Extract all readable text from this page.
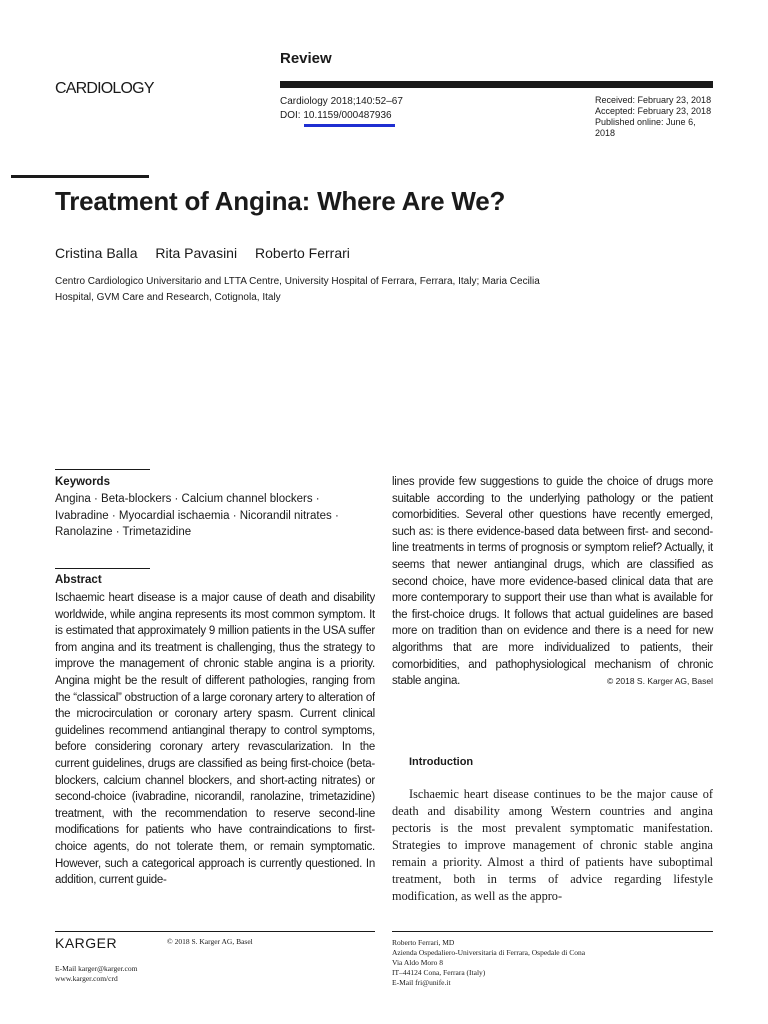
Review
CARDIOLOGY
Cardiology 2018;140:52–67
DOI: 10.1159/000487936
Received: February 23, 2018
Accepted: February 23, 2018
Published online: June 6, 2018
Treatment of Angina: Where Are We?
Cristina Balla Rita Pavasini Roberto Ferrari
Centro Cardiologico Universitario and LTTA Centre, University Hospital of Ferrara, Ferrara, Italy; Maria Cecilia Hospital, GVM Care and Research, Cotignola, Italy
Keywords
Angina · Beta-blockers · Calcium channel blockers · Ivabradine · Myocardial ischaemia · Nicorandil nitrates · Ranolazine · Trimetazidine
Abstract
Ischaemic heart disease is a major cause of death and disability worldwide, while angina represents its most common symptom. It is estimated that approximately 9 million patients in the USA suffer from angina and its treatment is challenging, thus the strategy to improve the management of chronic stable angina is a priority. Angina might be the result of different pathologies, ranging from the “classical” obstruction of a large coronary artery to alteration of the microcirculation or coronary artery spasm. Current clinical guidelines recommend antianginal therapy to control symptoms, before considering coronary artery revascularization. In the current guidelines, drugs are classified as being first-choice (beta-blockers, calcium channel blockers, and short-acting nitrates) or second-choice (ivabradine, nicorandil, ranolazine, trimetazidine) treatment, with the recommendation to reserve second-line modifications for patients who have contraindications to first-choice agents, do not tolerate them, or remain symptomatic. However, such a categorical approach is currently questioned. In addition, current guide-
lines provide few suggestions to guide the choice of drugs more suitable according to the underlying pathology or the patient comorbidities. Several other questions have recently emerged, such as: is there evidence-based data between first- and second-line treatments in terms of prognosis or symptom relief? Actually, it seems that newer antianginal drugs, which are classified as second choice, have more evidence-based clinical data that are more contemporary to support their use than what is available for the first-choice drugs. It follows that actual guidelines are based more on tradition than on evidence and there is a need for new algorithms that are more individualized to patients, their comorbidities, and pathophysiological mechanism of chronic stable angina.	© 2018 S. Karger AG, Basel
Introduction
Ischaemic heart disease continues to be the major cause of death and disability among Western countries and angina pectoris is the most prevalent symptomatic manifestation. Strategies to improve management of chronic stable angina remain a priority. Almost a third of patients have suboptimal treatment, both in terms of advice regarding lifestyle modification, as well as the appro-
KARGER	© 2018 S. Karger AG, Basel
E-Mail karger@karger.com
www.karger.com/crd
Roberto Ferrari, MD
Azienda Ospedaliero-Universitaria di Ferrara, Ospedale di Cona
Via Aldo Moro 8
IT–44124 Cona, Ferrara (Italy)
E-Mail fri@unife.it
